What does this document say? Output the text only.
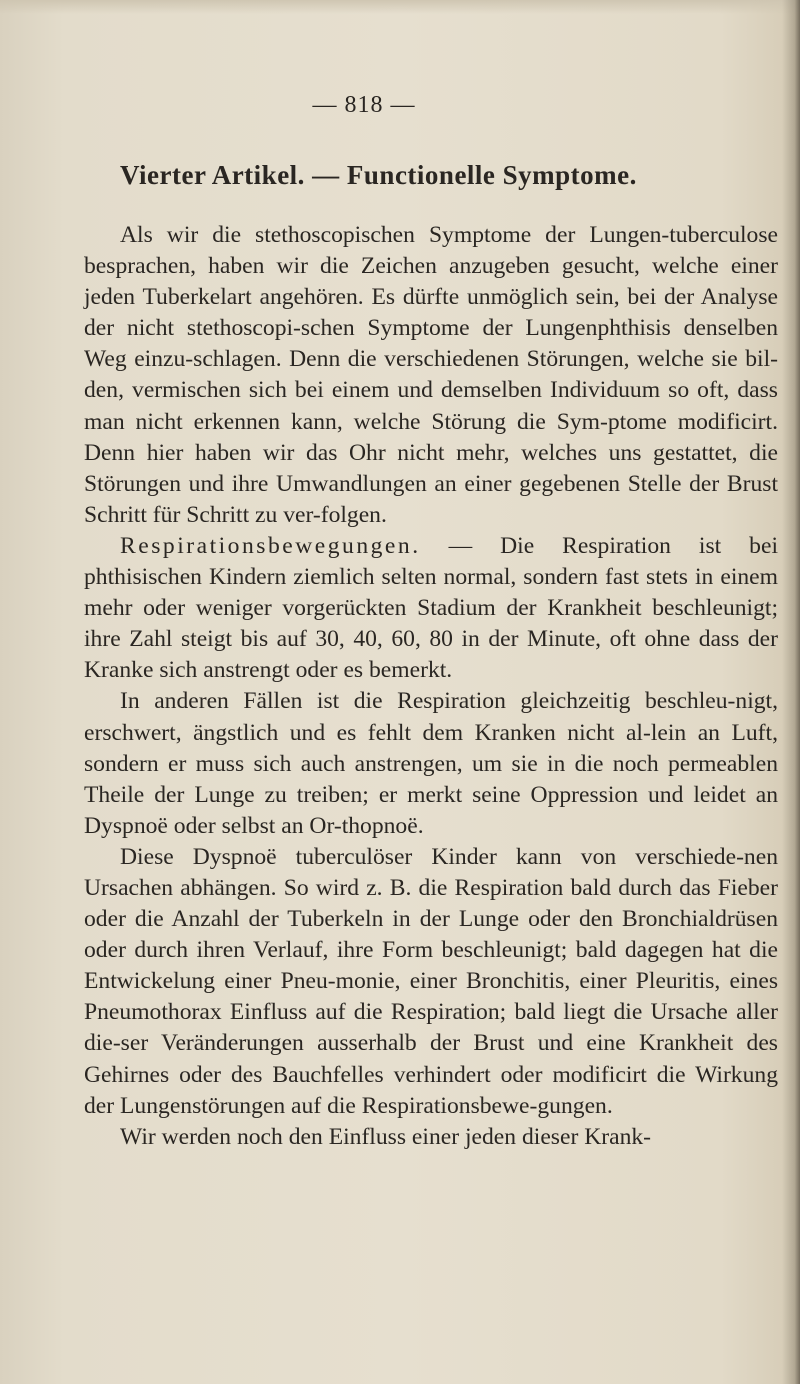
— 818 —
Vierter Artikel. — Functionelle Symptome.

Als wir die stethoscopischen Symptome der Lungen-tuberculose besprachen, haben wir die Zeichen anzugeben gesucht, welche einer jeden Tuberkelart angehören. Es dürfte unmöglich sein, bei der Analyse der nicht stethoscopi-schen Symptome der Lungenphthisis denselben Weg einzu-schlagen. Denn die verschiedenen Störungen, welche sie bil-den, vermischen sich bei einem und demselben Individuum so oft, dass man nicht erkennen kann, welche Störung die Sym-ptome modificirt. Denn hier haben wir das Ohr nicht mehr, welches uns gestattet, die Störungen und ihre Umwandlungen an einer gegebenen Stelle der Brust Schritt für Schritt zu ver-folgen.

Respirationsbewegungen. — Die Respiration ist bei phthisischen Kindern ziemlich selten normal, sondern fast stets in einem mehr oder weniger vorgerückten Stadium der Krankheit beschleunigt; ihre Zahl steigt bis auf 30, 40, 60, 80 in der Minute, oft ohne dass der Kranke sich anstrengt oder es bemerkt.

In anderen Fällen ist die Respiration gleichzeitig beschleu-nigt, erschwert, ängstlich und es fehlt dem Kranken nicht al-lein an Luft, sondern er muss sich auch anstrengen, um sie in die noch permeablen Theile der Lunge zu treiben; er merkt seine Oppression und leidet an Dyspnoë oder selbst an Or-thopnoë.

Diese Dyspnoë tuberculöser Kinder kann von verschiede-nen Ursachen abhängen. So wird z. B. die Respiration bald durch das Fieber oder die Anzahl der Tuberkeln in der Lunge oder den Bronchialdrüsen oder durch ihren Verlauf, ihre Form beschleunigt; bald dagegen hat die Entwickelung einer Pneu-monie, einer Bronchitis, einer Pleuritis, eines Pneumothorax Einfluss auf die Respiration; bald liegt die Ursache aller die-ser Veränderungen ausserhalb der Brust und eine Krankheit des Gehirnes oder des Bauchfelles verhindert oder modificirt die Wirkung der Lungenstörungen auf die Respirationsbewe-gungen.

Wir werden noch den Einfluss einer jeden dieser Krank-
